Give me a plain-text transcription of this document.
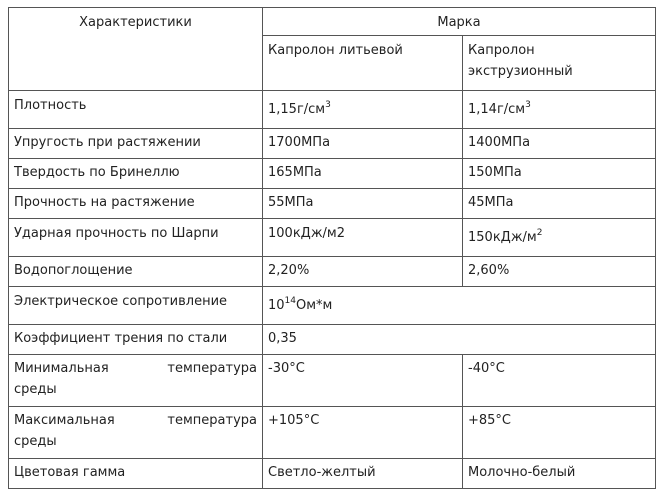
Характеристики	Марка	
	Капролон литьевой	Капролон
экструзионный
Плотность	$1,15г/см^3$	$1,14г/см^3$
Упругость при растяжении	1700МПа	1400МПа
Твердость по Бринеллю	165МПа	150МПа
Прочность на растяжение	55МПа	45МПа
Ударная прочность по Шарпи	100кДж/м2	$150кДж/м^2$
Водопоглощение	2,20%	2,60%
Электрическое сопротивление	$10^{14}Ом*м$	
Коэффициент трения по стали	0,35	

Минимальная температура
среды	-30°С	-40°С

Максимальная температура
среды	+105°С	+85°С
Цветовая гамма	Светло-желтый	Молочно-белый
